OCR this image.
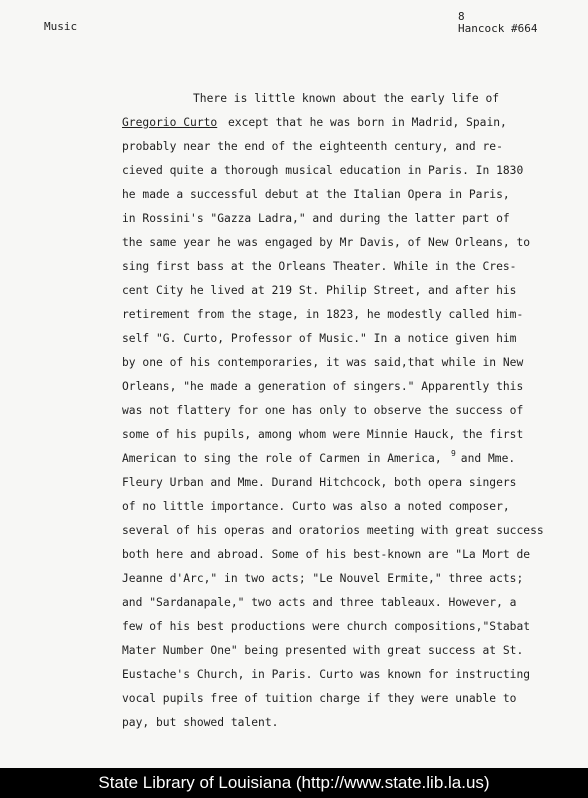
Music
8
Hancock #664
There is little known about the early life of
Gregorio Curto except that he was born in Madrid, Spain,
probably near the end of the eighteenth century, and re-
cieved quite a thorough musical education in Paris. In 1830
he made a successful debut at the Italian Opera in Paris,
in Rossini's "Gazza Ladra," and during the latter part of
the same year he was engaged by Mr Davis, of New Orleans, to
sing first bass at the Orleans Theater. While in the Cres-
cent City he lived at 219 St. Philip Street, and after his
retirement from the stage, in 1823, he modestly called him-
self "G. Curto, Professor of Music." In a notice given him
by one of his contemporaries, it was said,that while in New
Orleans, "he made a generation of singers." Apparently this
was not flattery for one has only to observe the success of
some of his pupils, among whom were Minnie Hauck, the first
American to sing the role of Carmen in America, 9
and Mme.
Fleury Urban and Mme. Durand Hitchcock, both opera singers
of no little importance. Curto was also a noted composer,
several of his operas and oratorios meeting with great success
both here and abroad. Some of his best-known are "La Mort de
Jeanne d'Arc," in two acts; "Le Nouvel Ermite," three acts;
and "Sardanapale," two acts and three tableaux. However, a
few of his best productions were church compositions,"Stabat
Mater Number One" being presented with great success at St.
Eustache's Church, in Paris. Curto was known for instructing
vocal pupils free of tuition charge if they were unable to
pay, but showed talent.
State Library of Louisiana (http://www.state.lib.la.us)
